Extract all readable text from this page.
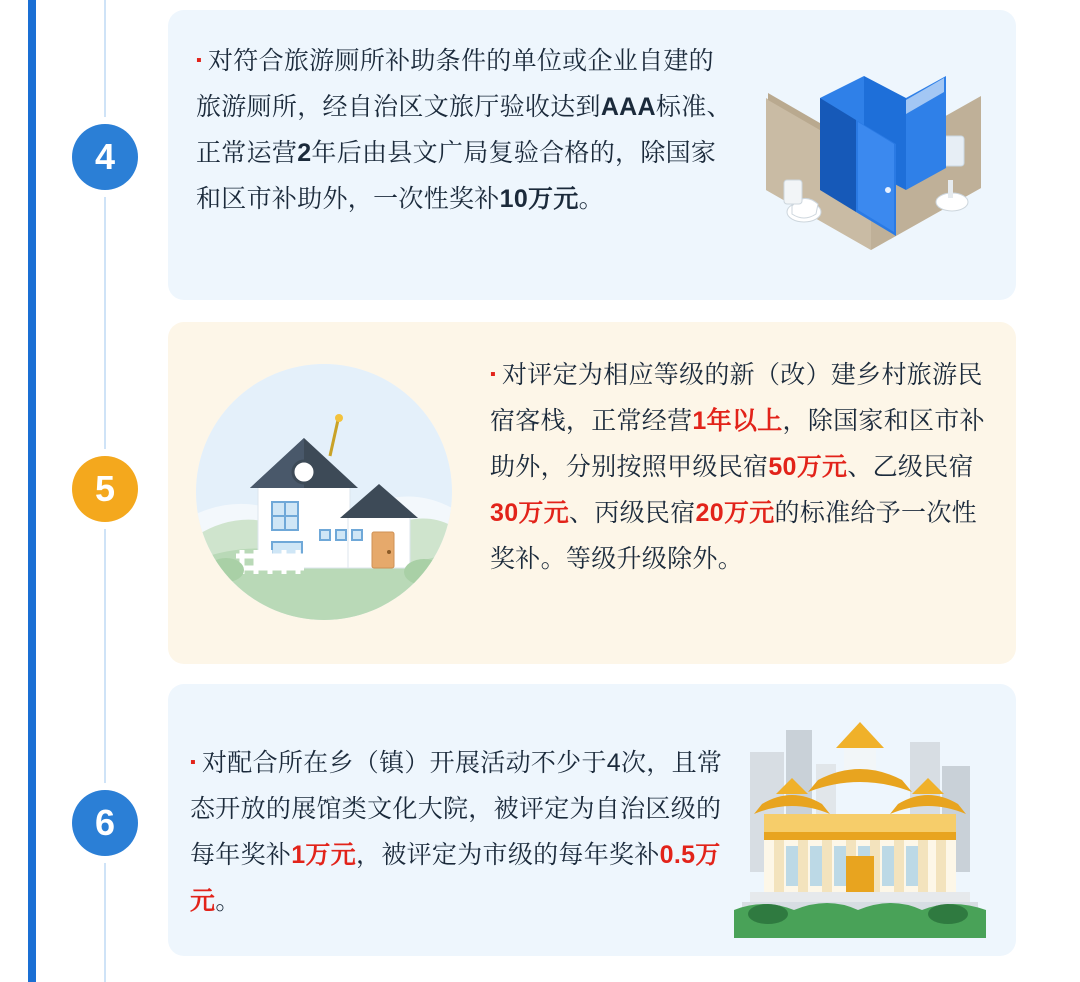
4
▪ 对符合旅游厕所补助条件的单位或企业自建的旅游厕所，经自治区文旅厅验收达到AAA标准、正常运营2年后由县文广局复验合格的，除国家和区市补助外，一次性奖补10万元。
5
▪ 对评定为相应等级的新（改）建乡村旅游民宿客栈，正常经营1年以上，除国家和区市补助外，分别按照甲级民宿50万元、乙级民宿30万元、丙级民宿20万元的标准给予一次性奖补。等级升级除外。
6
▪ 对配合所在乡（镇）开展活动不少于4次，且常态开放的展馆类文化大院，被评定为自治区级的每年奖补1万元，被评定为市级的每年奖补0.5万元。
